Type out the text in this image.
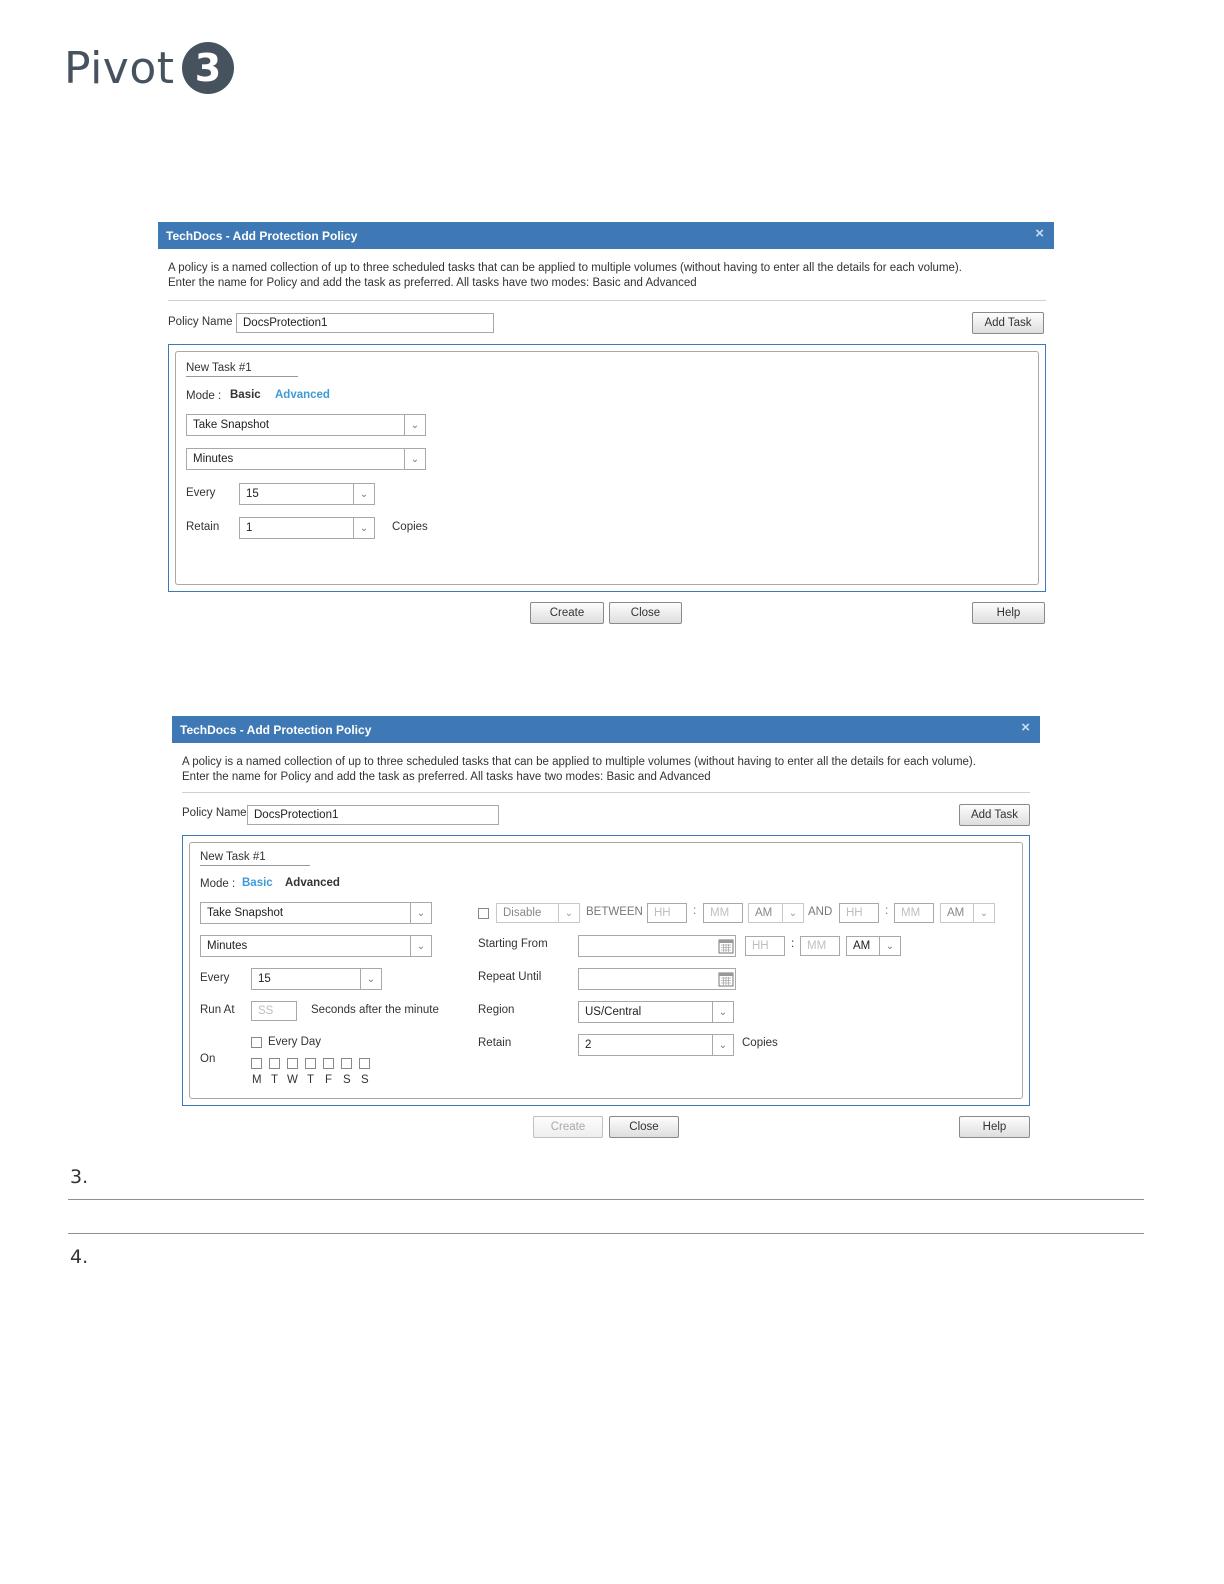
Pivot 3
TechDocs - Add Protection Policy	×
A policy is a named collection of up to three scheduled tasks that can be applied to multiple volumes (without having to enter all the details for each volume).
Enter the name for Policy and add the task as preferred. All tasks have two modes: Basic and Advanced
Policy Name DocsProtection1	Add Task
New Task #1
Mode : Basic Advanced
Take Snapshot	⌄
Minutes	⌄
Every	15	⌄
Retain 1	⌄	Copies
Create	Close	Help
TechDocs - Add Protection Policy	×
A policy is a named collection of up to three scheduled tasks that can be applied to multiple volumes (without having to enter all the details for each volume).
Enter the name for Policy and add the task as preferred. All tasks have two modes: Basic and Advanced
Policy Name DocsProtection1	Add Task
New Task #1
Mode : Basic Advanced
Take Snapshot	⌄
Minutes	⌄
Every 15	⌄
Run At	SS	Seconds after the minute
Every Day
On
M T W T F S S
Disable	⌄	BETWEEN HH	:	MM	AM	⌄ AND	HH	:	MM	AM	⌄
Starting From	HH	:	MM	AM	⌄
Repeat Until
Region	US/Central	⌄
Retain	2	⌄	Copies
Create	Close	Help
3.
4.
